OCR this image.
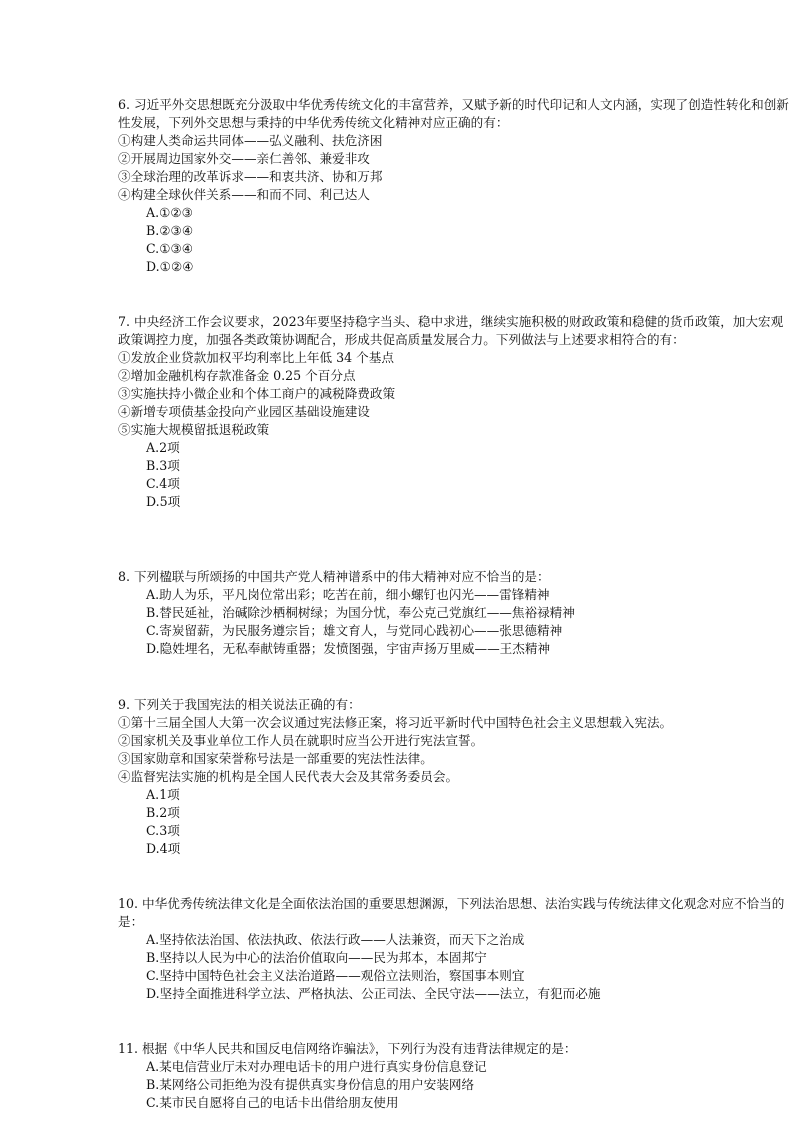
6. 习近平外交思想既充分汲取中华优秀传统文化的丰富营养，又赋予新的时代印记和人文内涵，实现了创造性转化和创新性发展，下列外交思想与秉持的中华优秀传统文化精神对应正确的有：
①构建人类命运共同体——弘义融利、扶危济困
②开展周边国家外交——亲仁善邻、兼爱非攻
③全球治理的改革诉求——和衷共济、协和万邦
④构建全球伙伴关系——和而不同、利己达人
A.①②③
B.②③④
C.①③④
D.①②④
7. 中央经济工作会议要求，2023年要坚持稳字当头、稳中求进，继续实施积极的财政政策和稳健的货币政策，加大宏观政策调控力度，加强各类政策协调配合，形成共促高质量发展合力。下列做法与上述要求相符合的有：
①发放企业贷款加权平均利率比上年低 34 个基点
②增加金融机构存款准备金 0.25 个百分点
③实施扶持小微企业和个体工商户的减税降费政策
④新增专项债基金投向产业园区基础设施建设
⑤实施大规模留抵退税政策
A.2项
B.3项
C.4项
D.5项
8. 下列楹联与所颂扬的中国共产党人精神谱系中的伟大精神对应不恰当的是：
A.助人为乐，平凡岗位常出彩；吃苦在前，细小螺钉也闪光——雷锋精神
B.替民延祉，治碱除沙栖桐树绿；为国分忧，奉公克己党旗红——焦裕禄精神
C.寄炭留薪，为民服务遵宗旨；雄文育人，与党同心践初心——张思德精神
D.隐姓埋名，无私奉献铸重器；发愤图强，宇宙声扬万里威——王杰精神
9. 下列关于我国宪法的相关说法正确的有：
①第十三届全国人大第一次会议通过宪法修正案，将习近平新时代中国特色社会主义思想载入宪法。
②国家机关及事业单位工作人员在就职时应当公开进行宪法宣誓。
③国家勋章和国家荣誉称号法是一部重要的宪法性法律。
④监督宪法实施的机构是全国人民代表大会及其常务委员会。
A.1项
B.2项
C.3项
D.4项
10. 中华优秀传统法律文化是全面依法治国的重要思想渊源，下列法治思想、法治实践与传统法律文化观念对应不恰当的是：
A.坚持依法治国、依法执政、依法行政——人法兼资，而天下之治成
B.坚持以人民为中心的法治价值取向——民为邦本，本固邦宁
C.坚持中国特色社会主义法治道路——观俗立法则治，察国事本则宜
D.坚持全面推进科学立法、严格执法、公正司法、全民守法——法立，有犯而必施
11. 根据《中华人民共和国反电信网络诈骗法》，下列行为没有违背法律规定的是：
A.某电信营业厅未对办理电话卡的用户进行真实身份信息登记
B.某网络公司拒绝为没有提供真实身份信息的用户安装网络
C.某市民自愿将自己的电话卡出借给朋友使用
